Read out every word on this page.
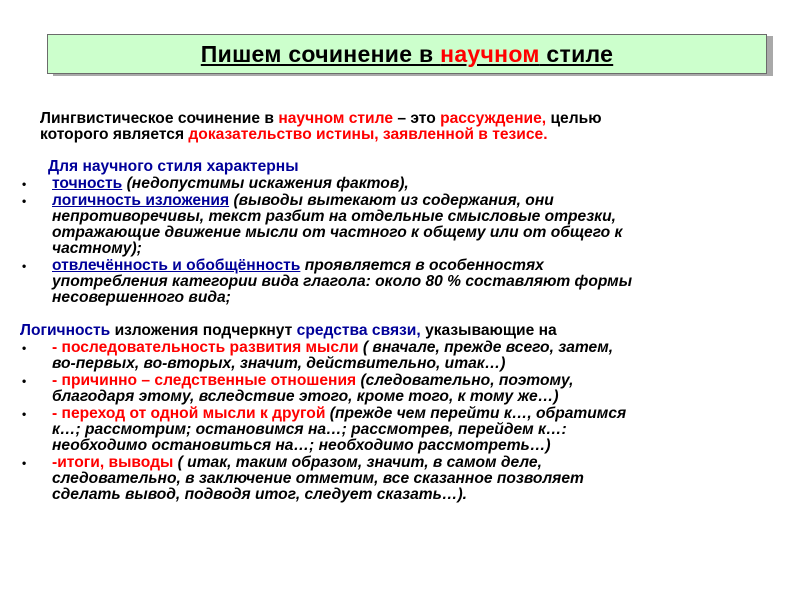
Пишем сочинение в научном стиле
Лингвистическое сочинение в научном стиле – это рассуждение, целью
которого является доказательство истины, заявленной в тезисе.
Для научного стиля характерны
•	точность (недопустимы искажения фактов),
•	логичность изложения (выводы вытекают из содержания, они
непротиворечивы, текст разбит на отдельные смысловые отрезки,
отражающие движение мысли от частного к общему или от общего к
частному);
•	отвлечённость и обобщённость проявляется в особенностях
употребления категории вида глагола: около 80 % составляют формы
несовершенного вида;
Логичность изложения подчеркнут средства связи, указывающие на
•	- последовательность развития мысли ( вначале, прежде всего, затем,
во-первых, во-вторых, значит, действительно, итак…)
•	- причинно – следственные отношения (следовательно, поэтому,
благодаря этому, вследствие этого, кроме того, к тому же…)
•	- переход от одной мысли к другой (прежде чем перейти к…, обратимся
к…; рассмотрим; остановимся на…; рассмотрев, перейдем к…:
необходимо остановиться на…; необходимо рассмотреть…)
•	-итоги, выводы ( итак, таким образом, значит, в самом деле,
следовательно, в заключение отметим, все сказанное позволяет
сделать вывод, подводя итог, следует сказать…).
